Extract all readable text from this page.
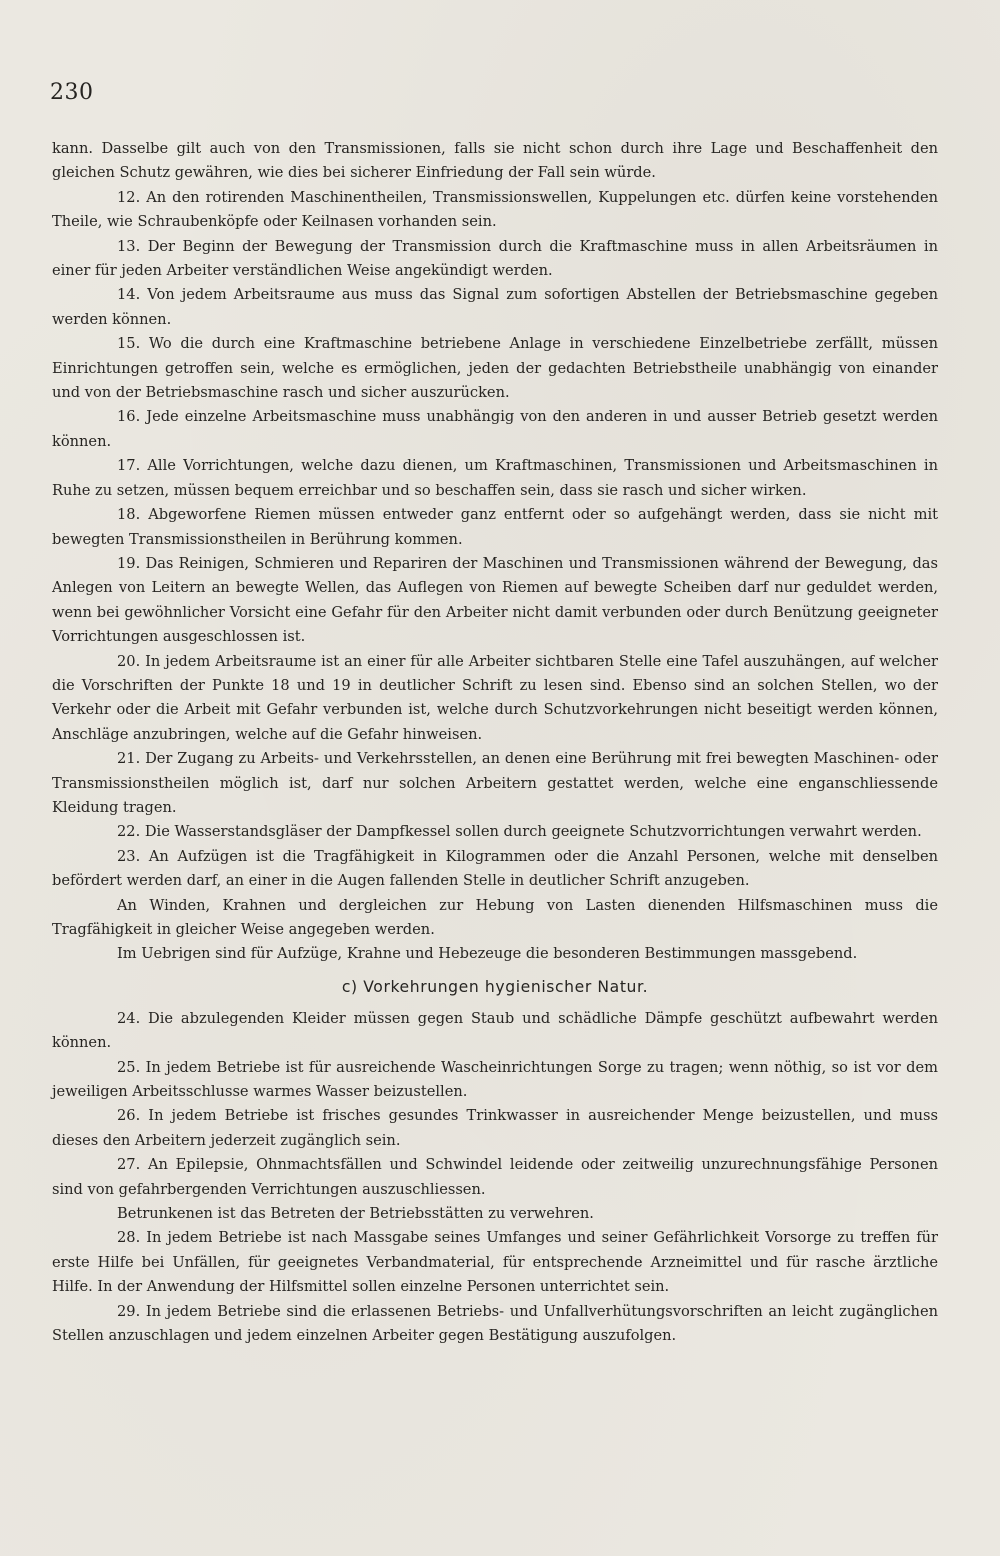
230

kann. Dasselbe gilt auch von den Transmissionen, falls sie nicht schon durch ihre Lage und Beschaffenheit den gleichen Schutz gewähren, wie dies bei sicherer Einfriedung der Fall sein würde.

12. An den rotirenden Maschinentheilen, Transmissionswellen, Kuppelungen etc. dürfen keine vorstehenden Theile, wie Schraubenköpfe oder Keilnasen vorhanden sein.

13. Der Beginn der Bewegung der Transmission durch die Kraftmaschine muss in allen Arbeitsräumen in einer für jeden Arbeiter verständlichen Weise angekündigt werden.

14. Von jedem Arbeitsraume aus muss das Signal zum sofortigen Abstellen der Betriebsmaschine gegeben werden können.

15. Wo die durch eine Kraftmaschine betriebene Anlage in verschiedene Einzelbetriebe zerfällt, müssen Einrichtungen getroffen sein, welche es ermöglichen, jeden der gedachten Betriebstheile unabhängig von einander und von der Betriebsmaschine rasch und sicher auszurücken.

16. Jede einzelne Arbeitsmaschine muss unabhängig von den anderen in und ausser Betrieb gesetzt werden können.

17. Alle Vorrichtungen, welche dazu dienen, um Kraftmaschinen, Transmissionen und Arbeitsmaschinen in Ruhe zu setzen, müssen bequem erreichbar und so beschaffen sein, dass sie rasch und sicher wirken.

18. Abgeworfene Riemen müssen entweder ganz entfernt oder so aufgehängt werden, dass sie nicht mit bewegten Transmissionstheilen in Berührung kommen.

19. Das Reinigen, Schmieren und Repariren der Maschinen und Transmissionen während der Bewegung, das Anlegen von Leitern an bewegte Wellen, das Auflegen von Riemen auf bewegte Scheiben darf nur geduldet werden, wenn bei gewöhnlicher Vorsicht eine Gefahr für den Arbeiter nicht damit verbunden oder durch Benützung geeigneter Vorrichtungen ausgeschlossen ist.

20. In jedem Arbeitsraume ist an einer für alle Arbeiter sichtbaren Stelle eine Tafel auszuhängen, auf welcher die Vorschriften der Punkte 18 und 19 in deutlicher Schrift zu lesen sind. Ebenso sind an solchen Stellen, wo der Verkehr oder die Arbeit mit Gefahr verbunden ist, welche durch Schutzvorkehrungen nicht beseitigt werden können, Anschläge anzubringen, welche auf die Gefahr hinweisen.

21. Der Zugang zu Arbeits- und Verkehrsstellen, an denen eine Berührung mit frei bewegten Maschinen- oder Transmissionstheilen möglich ist, darf nur solchen Arbeitern gestattet werden, welche eine enganschliessende Kleidung tragen.

22. Die Wasserstandsgläser der Dampfkessel sollen durch geeignete Schutzvorrichtungen verwahrt werden.

23. An Aufzügen ist die Tragfähigkeit in Kilogrammen oder die Anzahl Personen, welche mit denselben befördert werden darf, an einer in die Augen fallenden Stelle in deutlicher Schrift anzugeben.

An Winden, Krahnen und dergleichen zur Hebung von Lasten dienenden Hilfsmaschinen muss die Tragfähigkeit in gleicher Weise angegeben werden.

Im Uebrigen sind für Aufzüge, Krahne und Hebezeuge die besonderen Bestimmungen massgebend.

c) Vorkehrungen hygienischer Natur.

24. Die abzulegenden Kleider müssen gegen Staub und schädliche Dämpfe geschützt aufbewahrt werden können.

25. In jedem Betriebe ist für ausreichende Wascheinrichtungen Sorge zu tragen; wenn nöthig, so ist vor dem jeweiligen Arbeitsschlusse warmes Wasser beizustellen.

26. In jedem Betriebe ist frisches gesundes Trinkwasser in ausreichender Menge beizustellen, und muss dieses den Arbeitern jederzeit zugänglich sein.

27. An Epilepsie, Ohnmachtsfällen und Schwindel leidende oder zeitweilig unzurechnungsfähige Personen sind von gefahrbergenden Verrichtungen auszuschliessen.

Betrunkenen ist das Betreten der Betriebsstätten zu verwehren.

28. In jedem Betriebe ist nach Massgabe seines Umfanges und seiner Gefährlichkeit Vorsorge zu treffen für erste Hilfe bei Unfällen, für geeignetes Verbandmaterial, für entsprechende Arzneimittel und für rasche ärztliche Hilfe. In der Anwendung der Hilfsmittel sollen einzelne Personen unterrichtet sein.

29. In jedem Betriebe sind die erlassenen Betriebs- und Unfallverhütungsvorschriften an leicht zugänglichen Stellen anzuschlagen und jedem einzelnen Arbeiter gegen Bestätigung auszufolgen.
